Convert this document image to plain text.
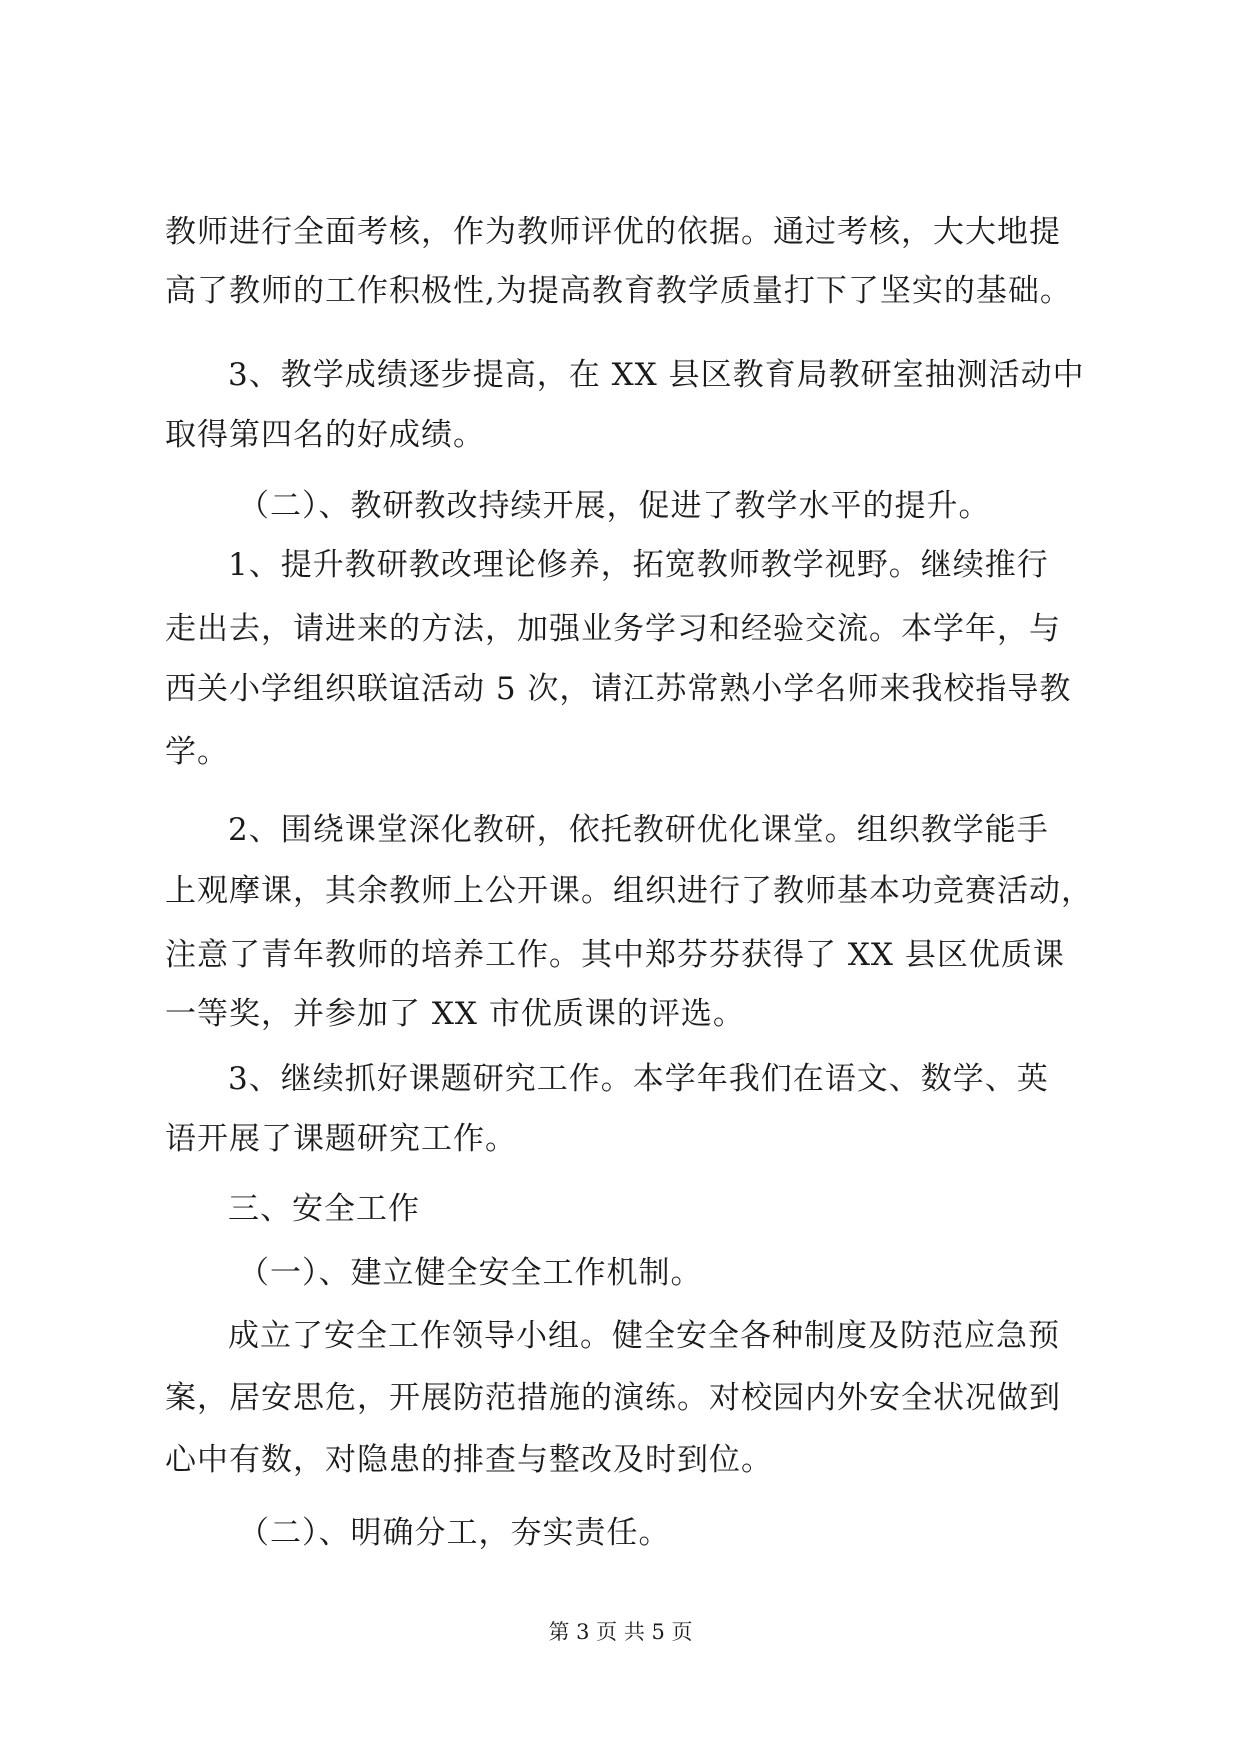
教师进行全面考核，作为教师评优的依据。通过考核，大大地提
高了教师的工作积极性,为提高教育教学质量打下了坚实的基础。
3、教学成绩逐步提高，在 XX 县区教育局教研室抽测活动中
取得第四名的好成绩。
（二）、教研教改持续开展，促进了教学水平的提升。
1、提升教研教改理论修养，拓宽教师教学视野。继续推行
走出去，请进来的方法，加强业务学习和经验交流。本学年，与
西关小学组织联谊活动 5 次，请江苏常熟小学名师来我校指导教
学。
2、围绕课堂深化教研，依托教研优化课堂。组织教学能手
上观摩课，其余教师上公开课。组织进行了教师基本功竞赛活动，
注意了青年教师的培养工作。其中郑芬芬获得了 XX 县区优质课
一等奖，并参加了 XX 市优质课的评选。
3、继续抓好课题研究工作。本学年我们在语文、数学、英
语开展了课题研究工作。
三、安全工作
（一）、建立健全安全工作机制。
成立了安全工作领导小组。健全安全各种制度及防范应急预
案，居安思危，开展防范措施的演练。对校园内外安全状况做到
心中有数，对隐患的排查与整改及时到位。
（二）、明确分工，夯实责任。
第 3 页 共 5 页
